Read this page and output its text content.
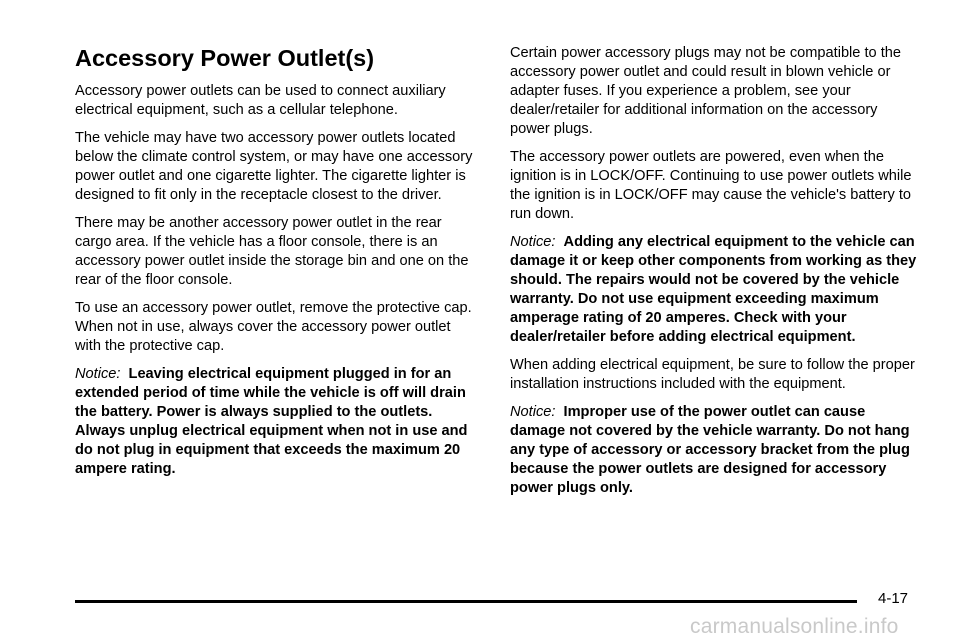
Accessory Power Outlet(s)

Accessory power outlets can be used to connect auxiliary electrical equipment, such as a cellular telephone.

The vehicle may have two accessory power outlets located below the climate control system, or may have one accessory power outlet and one cigarette lighter. The cigarette lighter is designed to fit only in the receptacle closest to the driver.

There may be another accessory power outlet in the rear cargo area. If the vehicle has a floor console, there is an accessory power outlet inside the storage bin and one on the rear of the floor console.

To use an accessory power outlet, remove the protective cap. When not in use, always cover the accessory power outlet with the protective cap.

Notice: Leaving electrical equipment plugged in for an extended period of time while the vehicle is off will drain the battery. Power is always supplied to the outlets. Always unplug electrical equipment when not in use and do not plug in equipment that exceeds the maximum 20 ampere rating.

Certain power accessory plugs may not be compatible to the accessory power outlet and could result in blown vehicle or adapter fuses. If you experience a problem, see your dealer/retailer for additional information on the accessory power plugs.

The accessory power outlets are powered, even when the ignition is in LOCK/OFF. Continuing to use power outlets while the ignition is in LOCK/OFF may cause the vehicle's battery to run down.

Notice: Adding any electrical equipment to the vehicle can damage it or keep other components from working as they should. The repairs would not be covered by the vehicle warranty. Do not use equipment exceeding maximum amperage rating of 20 amperes. Check with your dealer/retailer before adding electrical equipment.

When adding electrical equipment, be sure to follow the proper installation instructions included with the equipment.

Notice: Improper use of the power outlet can cause damage not covered by the vehicle warranty. Do not hang any type of accessory or accessory bracket from the plug because the power outlets are designed for accessory power plugs only.

4-17
carmanualsonline.info
